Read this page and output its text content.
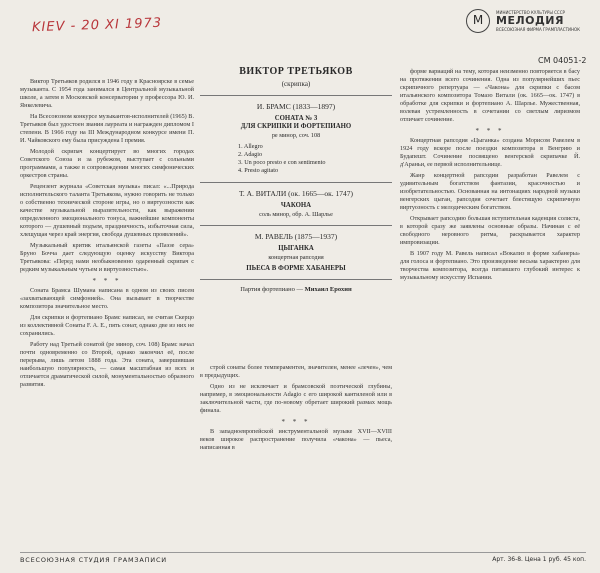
KIEV - 20 XI 1973	М
МИНИСТЕРСТВО КУЛЬТУРЫ СССР
МЕЛОДИЯ
ВСЕСОЮЗНАЯ ФИРМА ГРАМПЛАСТИНОК
СМ 04051-2

Виктор Третьяков родился в 1946 году в Красноярске в семье музыканта. С 1954 года занимался в Центральной музыкальной школе, а затем в Московской консерватории у профессора Ю. И. Янкелевича.

На Всесоюзном конкурсе музыкантов-исполнителей (1965) В. Третьяков был удостоен звания лауреата и награжден дипломом I степени. В 1966 году на III Международном конкурсе имени П. И. Чайковского ему была присуждена I премия.

Молодой скрипач концертирует во многих городах Советского Союза и за рубежом, выступает с сольными программами, а также в сопровождении многих симфонических оркестров страны.

Рецензент журнала «Советская музыка» писал: «...Природа исполнительского таланта Третьякова, нужно говорить не только о собственно технической стороне игры, но о виртуозности как качестве музыкальной выразительности, как выражении определенного эмоционального тонуса, важнейшие компоненты которого — душевный подъем, праздничность, избыточная сила, хлещущая через край энергия, свобода душевных проявлений».

Музыкальный критик итальянской газеты «Паэзе сера» Бруно Бочча дает следующую оценку искусству Виктора Третьякова: «Перед нами необыкновенно одаренный скрипач с редким музыкальным чутьем и виртуозностью».

* * *

Соната Брамса Шумана написана в одном из своих писем «захватывающей симфонией». Она вызывает в творчестве композитора значительное место.

Для скрипки и фортепиано Брамс написал, не считая Скерцо из коллективной Сонаты F. A. E., пять сонат, однако две из них не сохранились.

Работу над Третьей сонатой (ре минор, соч. 108) Брамс начал почти одновременно со Второй, однако закончил её, после перерыва, лишь летом 1888 года. Эта соната, завершившая наибольшую популярность, — самая масштабная из всех и отличается драматической силой, монументальностью образного развития.

ВИКТОР ТРЕТЬЯКОВ
(скрипка)
И. БРАМС (1833—1897)
СОНАТА № 3
ДЛЯ СКРИПКИ И ФОРТЕПИАНО
ре минор, соч. 108
1. Allegro
2. Adagio
3. Un poco presto e con sentimento
4. Presto agitato
Т. А. ВИТАЛИ (ок. 1665—ок. 1747)
ЧАКОНА
соль минор, обр. А. Шарлье
М. РАВЕЛЬ (1875—1937)
ЦЫГАНКА
концертная рапсодия
ПЬЕСА В ФОРМЕ ХАБАНЕРЫ
Партия фортепиано — Михаил Ерохин

строй сонаты более темпераментен, значителен, менее «лечен», чем в предыдущих.

Одно из не исключает и брамсовской поэтической глубины, например, в эмоциональности Adagio с его широкой кантиленой или в заключительной части, где по-новому обретает широкий размах мощь финала.

* * *

В западноевропейской инструментальной музыке XVII—XVIII веков широкое распространение получила «чакона» — пьеса, написанная в

форме вариаций на тему, которая неизменно повторяется в басу на протяжении всего сочинения. Одна из популярнейших пьес скрипичного репертуара — «Чакона» для скрипки с басом итальянского композитора Томазо Витали (ок. 1665—ок. 1747) в обработке для скрипки и фортепиано А. Шарлье. Мужественная, волевая устремленность в сочетании со светлым лиризмом отличает сочинение.

* * *

Концертная рапсодия «Цыганка» создана Морисом Равелем в 1924 году вскоре после поездки композитора в Венгрию и Будапешт. Сочинение посвящено венгерской скрипачке Й. д'Араньи, ее первой исполнительнице.

Жанр концертной рапсодии разработан Равелем с удивительным богатством фантазии, красочностью и изобретательностью. Основанная на интонациях народной музыки венгерских цыган, рапсодия сочетает блестящую скрипичную виртуозность с мелодическим богатством.

Открывает рапсодию большая вступительная каденция солиста, в которой сразу же заявлены основные образы. Начиная с её свободного неровного ритма, раскрывается характер импровизации.

В 1907 году М. Равель написал «Вокализ в форме хабанеры» для голоса и фортепиано. Это произведение весьма характерно для творчества композитора, всегда питавшего глубокий интерес к музыкальному искусству Испании.

ВСЕСОЮЗНАЯ СТУДИЯ ГРАМЗАПИСИ	Арт. 36-8. Цена 1 руб. 45 коп.
